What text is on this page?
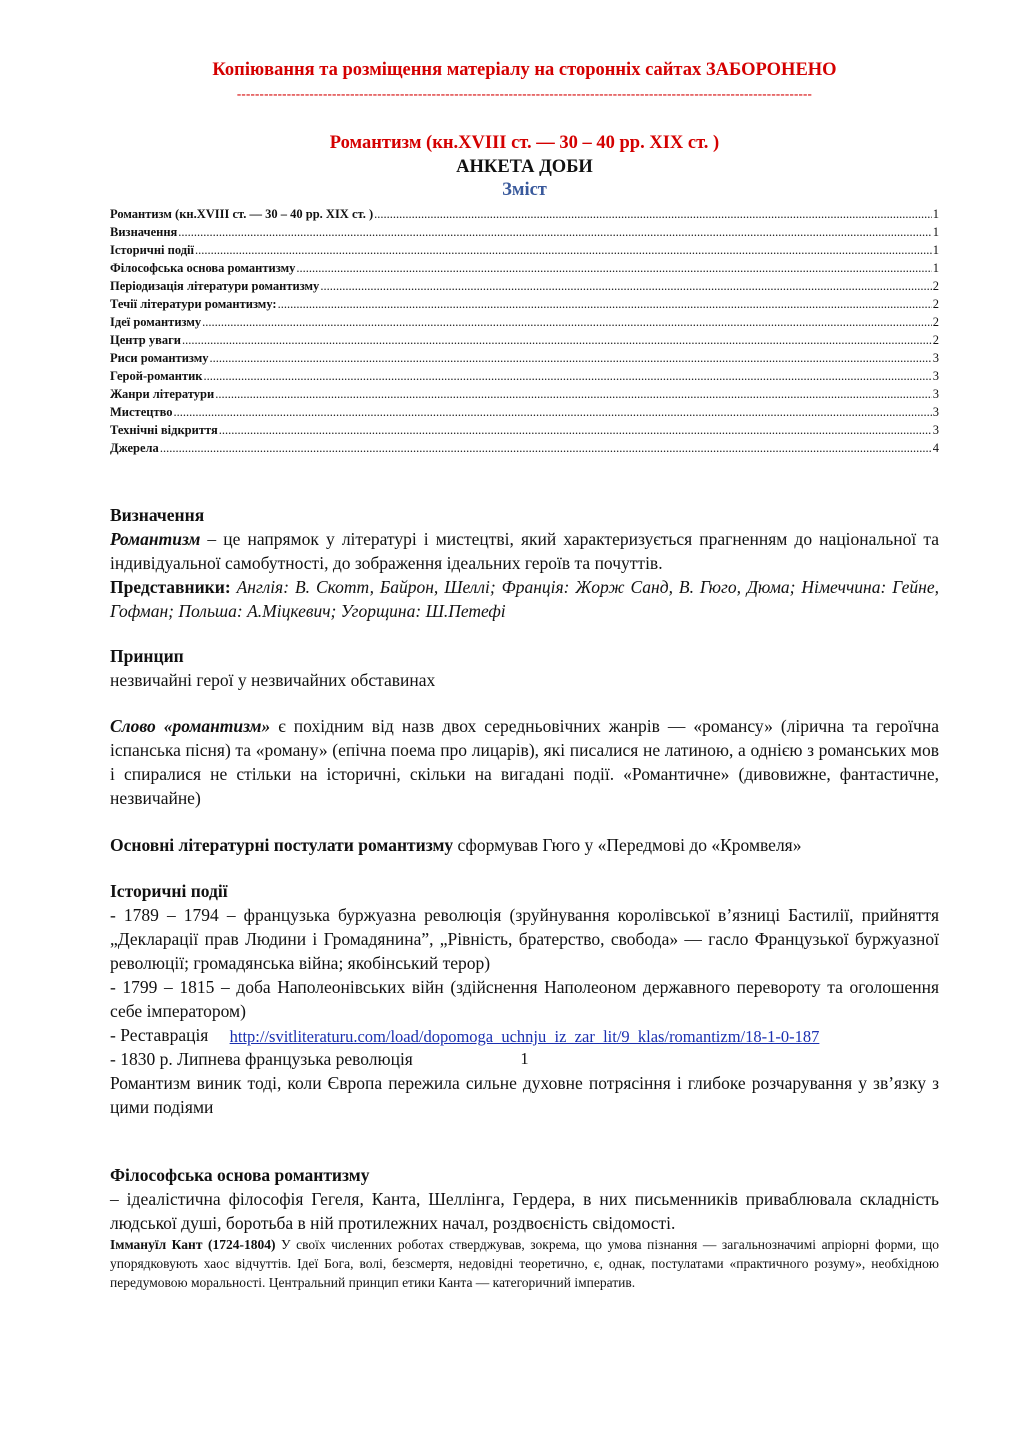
Копіювання та розміщення матеріалу на сторонніх сайтах ЗАБОРОНЕНО
-------------------------------------------------------------------------------------------------------------------------------
Романтизм (кн.XVIII ст. — 30 – 40 рр. XIX ст. )
АНКЕТА ДОБИ
Зміст
Романтизм (кн.XVIII ст. — 30 – 40 рр. XIX ст. ) .....	1
Визначення .....	1
Історичні події .....	1
Філософська основа романтизму .....	1
Періодизація літератури романтизму .....	2
Течії літератури романтизму: .....	2
Ідеї романтизму .....	2
Центр уваги .....	2
Риси романтизму .....	3
Герой-романтик .....	3
Жанри літератури .....	3
Мистецтво .....	3
Технічні відкриття .....	3
Джерела .....	4

Визначення

Романтизм – це напрямок у літературі і мистецтві, який характеризується прагненням до національної та індивідуальної самобутності, до зображення ідеальних героїв та почуттів.

Представники: Англія: В. Скотт, Байрон, Шеллі; Франція: Жорж Санд, В. Гюго, Дюма; Німеччина: Гейне, Гофман; Польша: А.Міцкевич; Угорщина: Ш.Петефі

Принцип

незвичайні герої у незвичайних обставинах

Слово «романтизм» є похідним від назв двох середньовічних жанрів — «романсу» (лірична та героїчна іспанська пісня) та «роману» (епічна поема про лицарів), які писалися не латиною, а однією з романських мов і спиралися не стільки на історичні, скільки на вигадані події. «Романтичне» (дивовижне, фантастичне, незвичайне)

Основні літературні постулати романтизму сформував Гюго у «Передмові до «Кромвеля»

Історичні події

- 1789 – 1794 – французька буржуазна революція (зруйнування королівської в’язниці Бастилії, прийняття „Декларації прав Людини і Громадянина”, „Рівність, братерство, свобода» — гасло Французької буржуазної революції; громадянська війна; якобінський терор)

- 1799 – 1815 – доба Наполеонівських війн (здійснення Наполеоном державного перевороту та оголошення себе імператором)

- Реставрація

- 1830 р. Липнева французька революція

Романтизм виник тоді, коли Європа пережила сильне духовне потрясіння і глибоке розчарування у зв’язку з цими подіями

Філософська основа романтизму

– ідеалістична філософія Гегеля, Канта, Шеллінга, Гердера, в них письменників приваблювала складність людської душі, боротьба в ній протилежних начал, роздвоєність свідомості.

Іммануїл Кант (1724-1804) У своїх численних роботах стверджував, зокрема, що умова пізнання — загальнозначимі апріорні форми, що упорядковують хаос відчуттів. Ідеї Бога, волі, безсмертя, недовідні теоретично, є, однак, постулатами «практичного розуму», необхідною передумовою моральності. Центральний принцип етики Канта — категоричний імператив.

http://svitliteraturu.com/load/dopomoga_uchnju_iz_zar_lit/9_klas/romantizm/18-1-0-187
1
